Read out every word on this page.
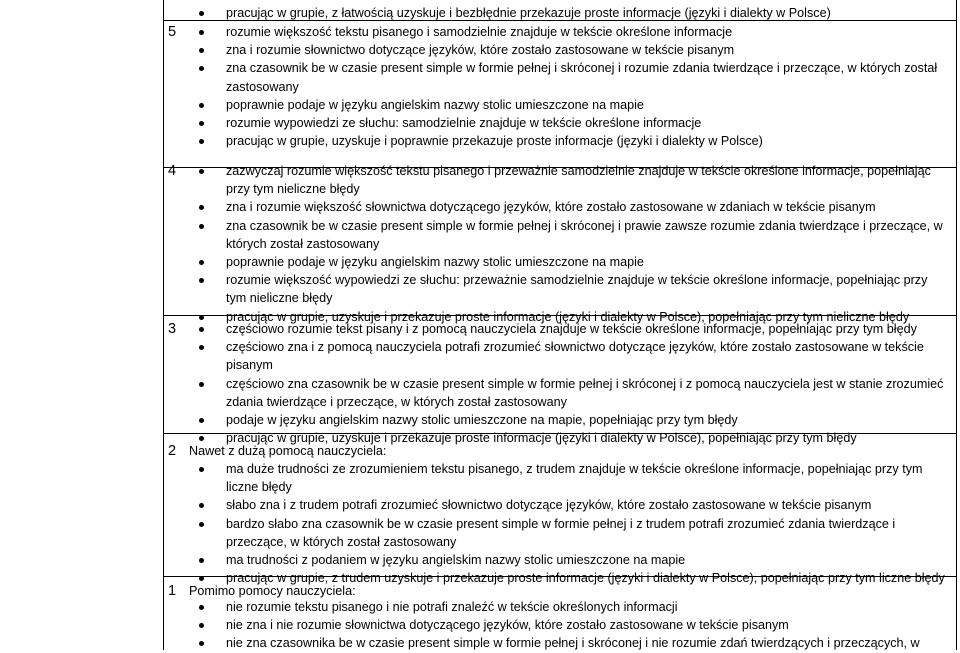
pracując w grupie, z łatwością uzyskuje i bezbłędnie przekazuje proste informacje (języki i dialekty w Polsce)
5	rozumie większość tekstu pisanego i samodzielnie znajduje w tekście określone informacje
zna i rozumie słownictwo dotyczące języków, które zostało zastosowane w tekście pisanym
zna czasownik be w czasie present simple w formie pełnej i skróconej i rozumie zdania twierdzące i przeczące, w których został zastosowany
poprawnie podaje w języku angielskim nazwy stolic umieszczone na mapie
rozumie wypowiedzi ze słuchu: samodzielnie znajduje w tekście określone informacje
pracując w grupie, uzyskuje i poprawnie przekazuje proste informacje (języki i dialekty w Polsce)
4	zazwyczaj rozumie większość tekstu pisanego i przeważnie samodzielnie znajduje w tekście określone informacje, popełniając przy tym nieliczne błędy
zna i rozumie większość słownictwa dotyczącego języków, które zostało zastosowane w zdaniach w tekście pisanym
zna czasownik be w czasie present simple w formie pełnej i skróconej i prawie zawsze rozumie zdania twierdzące i przeczące, w których został zastosowany
poprawnie podaje w języku angielskim nazwy stolic umieszczone na mapie
rozumie większość wypowiedzi ze słuchu: przeważnie samodzielnie znajduje w tekście określone informacje, popełniając przy tym nieliczne błędy
pracując w grupie, uzyskuje i przekazuje proste informacje (języki i dialekty w Polsce), popełniając przy tym nieliczne błędy
3	częściowo rozumie tekst pisany i z pomocą nauczyciela znajduje w tekście określone informacje, popełniając przy tym błędy
częściowo zna i z pomocą nauczyciela potrafi zrozumieć słownictwo dotyczące języków, które zostało zastosowane w tekście pisanym
częściowo zna czasownik be w czasie present simple w formie pełnej i skróconej i z pomocą nauczyciela jest w stanie zrozumieć zdania twierdzące i przeczące, w których został zastosowany
podaje w języku angielskim nazwy stolic umieszczone na mapie, popełniając przy tym błędy
pracując w grupie, uzyskuje i przekazuje proste informacje (języki i dialekty w Polsce), popełniając przy tym błędy
2 Nawet z dużą pomocą nauczyciela:
ma duże trudności ze zrozumieniem tekstu pisanego, z trudem znajduje w tekście określone informacje, popełniając przy tym liczne błędy
słabo zna i z trudem potrafi zrozumieć słownictwo dotyczące języków, które zostało zastosowane w tekście pisanym
bardzo słabo zna czasownik be w czasie present simple w formie pełnej i z trudem potrafi zrozumieć zdania twierdzące i przeczące, w których został zastosowany
ma trudności z podaniem w języku angielskim nazwy stolic umieszczone na mapie
pracując w grupie, z trudem uzyskuje i przekazuje proste informacje (języki i dialekty w Polsce), popełniając przy tym liczne błędy
1 Pomimo pomocy nauczyciela:
nie rozumie tekstu pisanego i nie potrafi znaleźć w tekście określonych informacji
nie zna i nie rozumie słownictwa dotyczącego języków, które zostało zastosowane w tekście pisanym
nie zna czasownika be w czasie present simple w formie pełnej i skróconej i nie rozumie zdań twierdzących i przeczących, w
